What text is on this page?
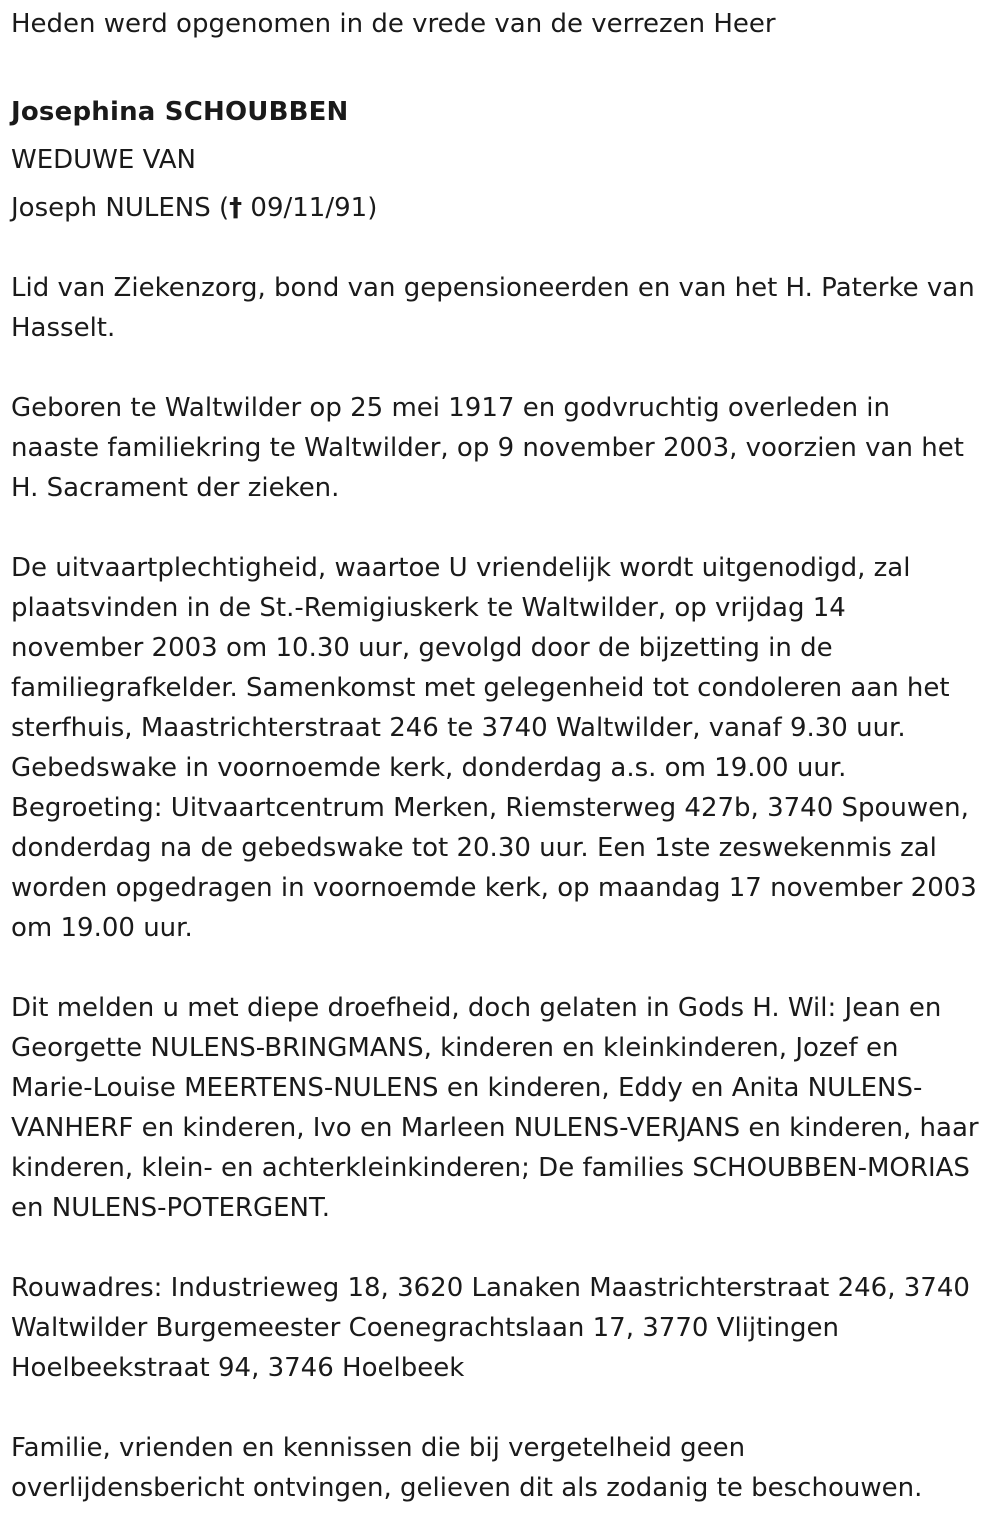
Heden werd opgenomen in de vrede van de verrezen Heer

Josephina SCHOUBBEN

WEDUWE VAN

Joseph NULENS († 09/11/91)

Lid van Ziekenzorg, bond van gepensioneerden en van het H. Paterke van Hasselt.

Geboren te Waltwilder op 25 mei 1917 en godvruchtig overleden in naaste familiekring te Waltwilder, op 9 november 2003, voorzien van het H. Sacrament der zieken.

De uitvaartplechtigheid, waartoe U vriendelijk wordt uitgenodigd, zal plaatsvinden in de St.-Remigiuskerk te Waltwilder, op vrijdag 14 november 2003 om 10.30 uur, gevolgd door de bijzetting in de familiegrafkelder. Samenkomst met gelegenheid tot condoleren aan het sterfhuis, Maastrichterstraat 246 te 3740 Waltwilder, vanaf 9.30 uur. Gebedswake in voornoemde kerk, donderdag a.s. om 19.00 uur. Begroeting: Uitvaartcentrum Merken, Riemsterweg 427b, 3740 Spouwen, donderdag na de gebedswake tot 20.30 uur. Een 1ste zeswekenmis zal worden opgedragen in voornoemde kerk, op maandag 17 november 2003 om 19.00 uur.

Dit melden u met diepe droefheid, doch gelaten in Gods H. Wil: Jean en Georgette NULENS-BRINGMANS, kinderen en kleinkinderen, Jozef en Marie-Louise MEERTENS-NULENS en kinderen, Eddy en Anita NULENS-VANHERF en kinderen, Ivo en Marleen NULENS-VERJANS en kinderen, haar kinderen, klein- en achterkleinkinderen; De families SCHOUBBEN-MORIAS en NULENS-POTERGENT.

Rouwadres: Industrieweg 18, 3620 Lanaken Maastrichterstraat 246, 3740 Waltwilder Burgemeester Coenegrachtslaan 17, 3770 Vlijtingen Hoelbeekstraat 94, 3746 Hoelbeek

Familie, vrienden en kennissen die bij vergetelheid geen overlijdensbericht ontvingen, gelieven dit als zodanig te beschouwen.
